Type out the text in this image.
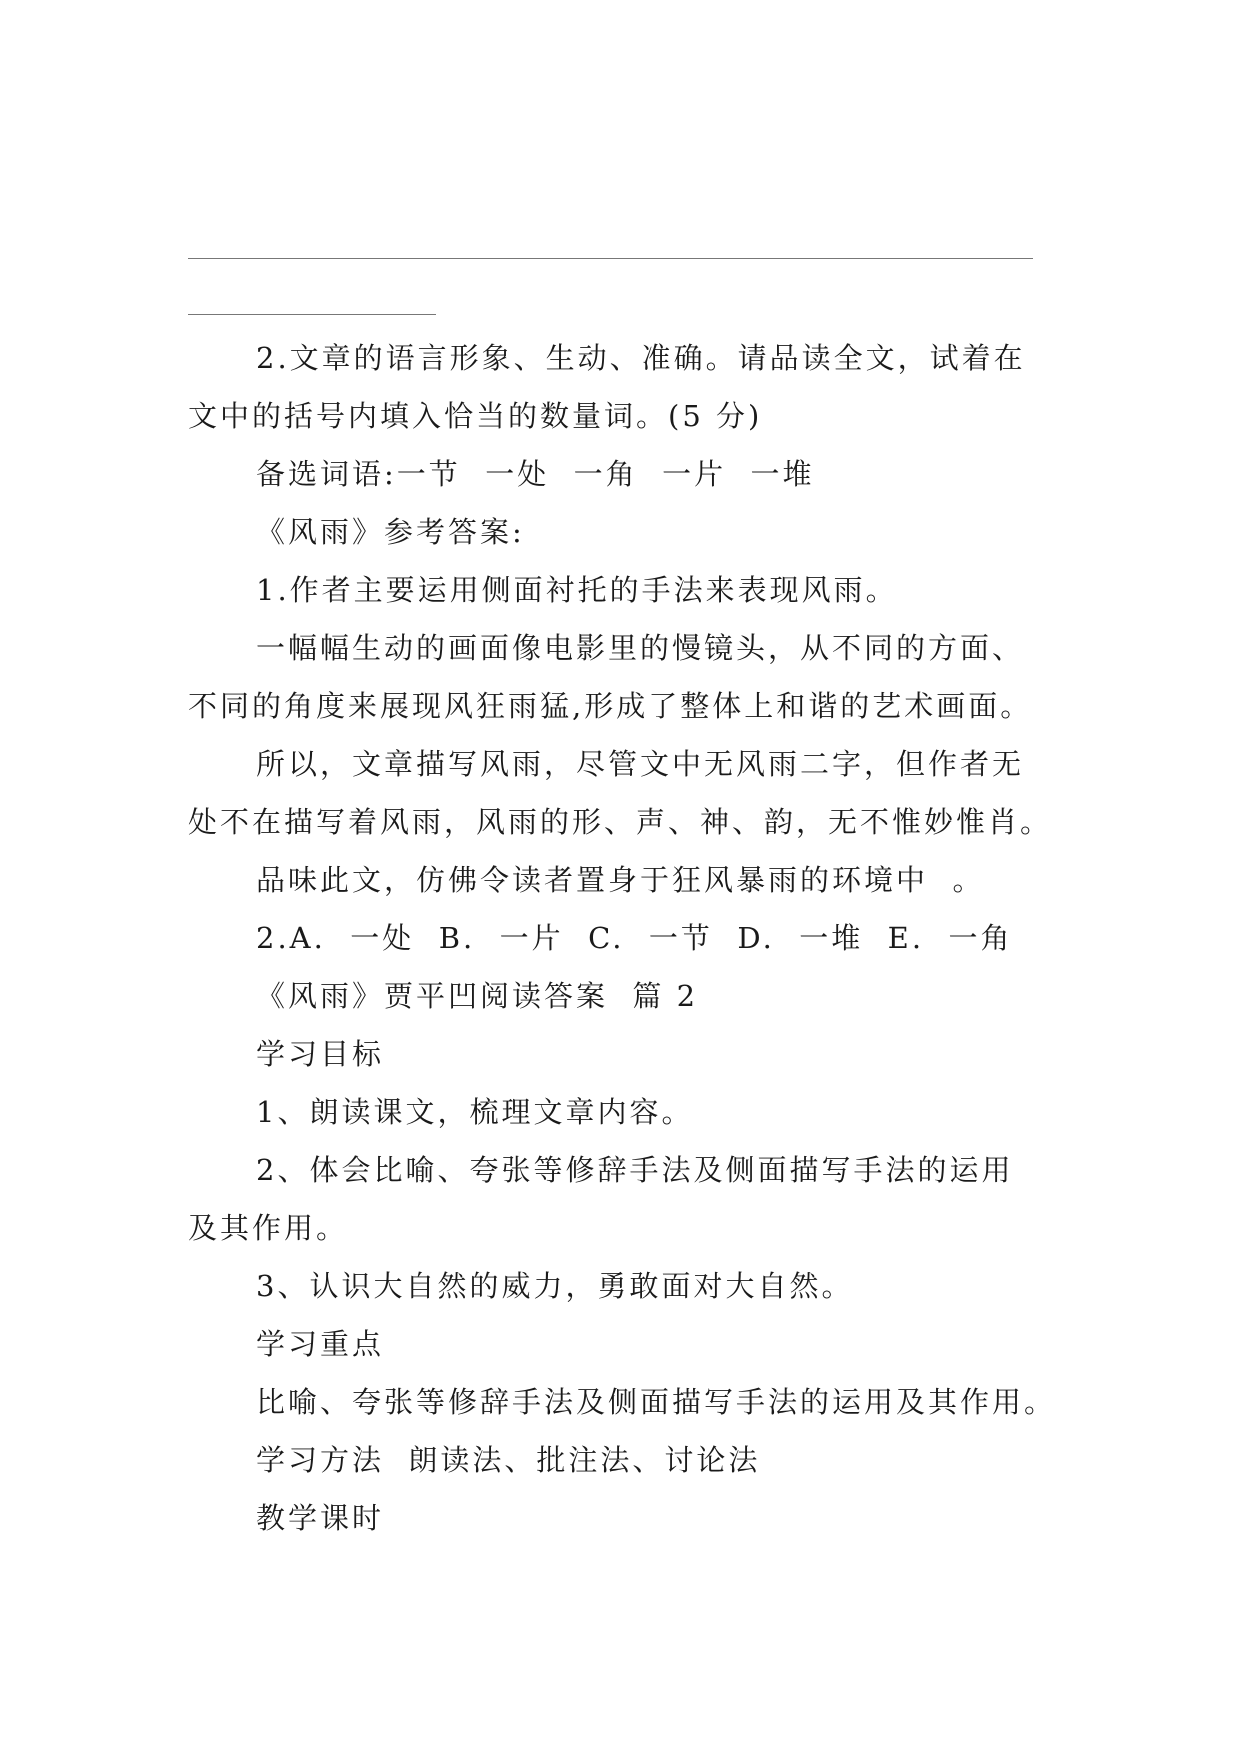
2.文章的语言形象、生动、准确。请品读全文，试着在
文中的括号内填入恰当的数量词。(5 分)
备选词语:一节  一处  一角  一片  一堆
《风雨》参考答案:
1.作者主要运用侧面衬托的手法来表现风雨。
一幅幅生动的画面像电影里的慢镜头，从不同的方面、
不同的角度来展现风狂雨猛,形成了整体上和谐的艺术画面。
所以，文章描写风雨，尽管文中无风雨二字，但作者无
处不在描写着风雨，风雨的形、声、神、韵，无不惟妙惟肖。
品味此文，仿佛令读者置身于狂风暴雨的环境中  。
2.A.  一处  B.  一片  C.  一节  D.  一堆  E.  一角
《风雨》贾平凹阅读答案  篇 2
学习目标
1、朗读课文，梳理文章内容。
2、体会比喻、夸张等修辞手法及侧面描写手法的运用
及其作用。
3、认识大自然的威力，勇敢面对大自然。
学习重点
比喻、夸张等修辞手法及侧面描写手法的运用及其作用。
学习方法  朗读法、批注法、讨论法
教学课时
